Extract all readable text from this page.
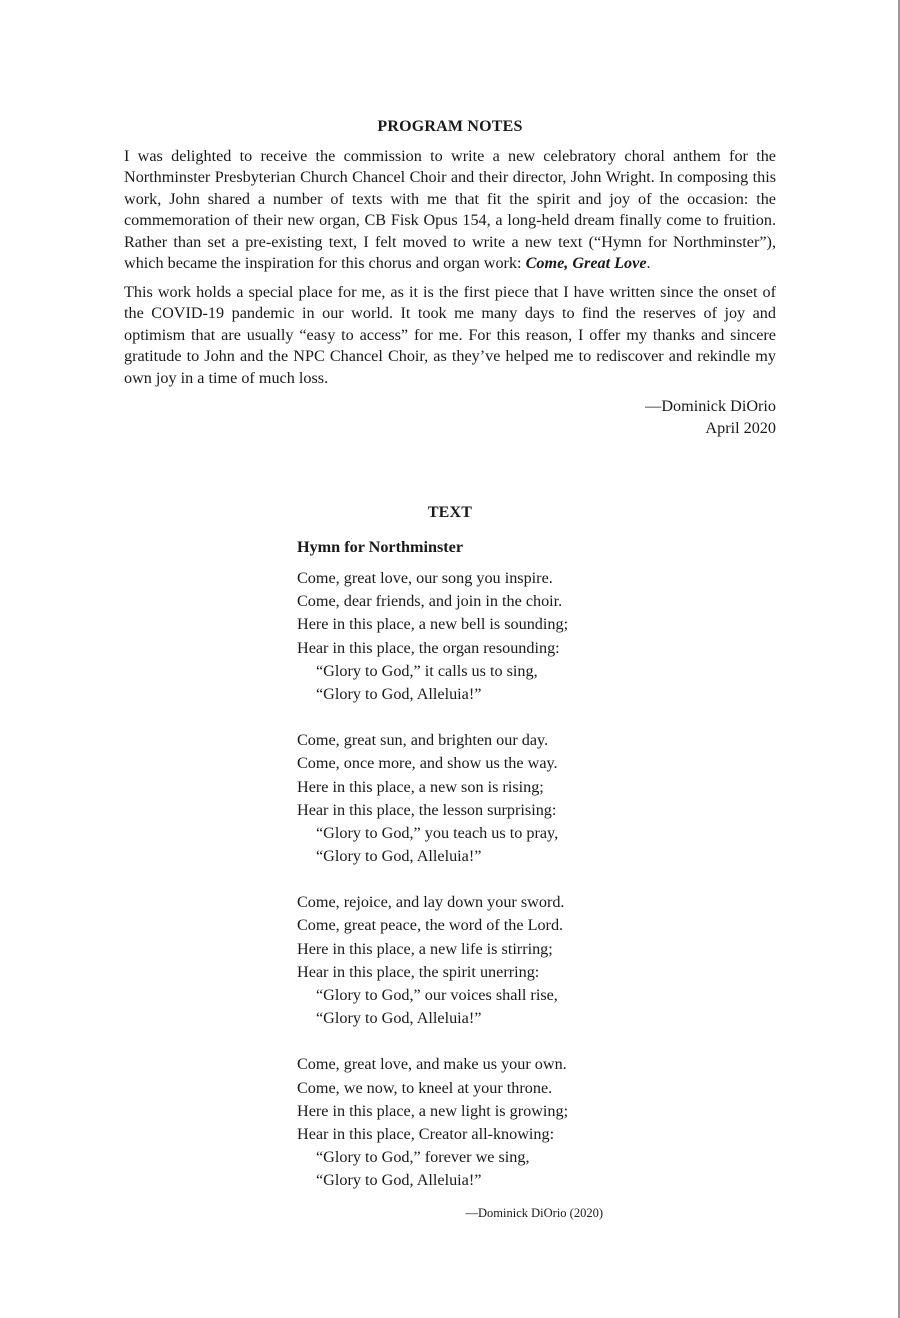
PROGRAM NOTES

I was delighted to receive the commission to write a new celebratory choral anthem for the Northminster Presbyterian Church Chancel Choir and their director, John Wright. In composing this work, John shared a number of texts with me that fit the spirit and joy of the occasion: the commemoration of their new organ, CB Fisk Opus 154, a long-held dream finally come to fruition. Rather than set a pre-existing text, I felt moved to write a new text (“Hymn for Northminster”), which became the inspiration for this chorus and organ work: Come, Great Love.

This work holds a special place for me, as it is the first piece that I have written since the onset of the COVID-19 pandemic in our world. It took me many days to find the reserves of joy and optimism that are usually “easy to access” for me. For this reason, I offer my thanks and sincere gratitude to John and the NPC Chancel Choir, as they’ve helped me to rediscover and rekindle my own joy in a time of much loss.

—Dominick DiOrio
April 2020
TEXT
Hymn for Northminster
Come, great love, our song you inspire.
Come, dear friends, and join in the choir.
Here in this place, a new bell is sounding;
Hear in this place, the organ resounding:
“Glory to God,” it calls us to sing,
“Glory to God, Alleluia!”
Come, great sun, and brighten our day.
Come, once more, and show us the way.
Here in this place, a new son is rising;
Hear in this place, the lesson surprising:
“Glory to God,” you teach us to pray,
“Glory to God, Alleluia!”
Come, rejoice, and lay down your sword.
Come, great peace, the word of the Lord.
Here in this place, a new life is stirring;
Hear in this place, the spirit unerring:
“Glory to God,” our voices shall rise,
“Glory to God, Alleluia!”
Come, great love, and make us your own.
Come, we now, to kneel at your throne.
Here in this place, a new light is growing;
Hear in this place, Creator all-knowing:
“Glory to God,” forever we sing,
“Glory to God, Alleluia!”
—Dominick DiOrio (2020)
